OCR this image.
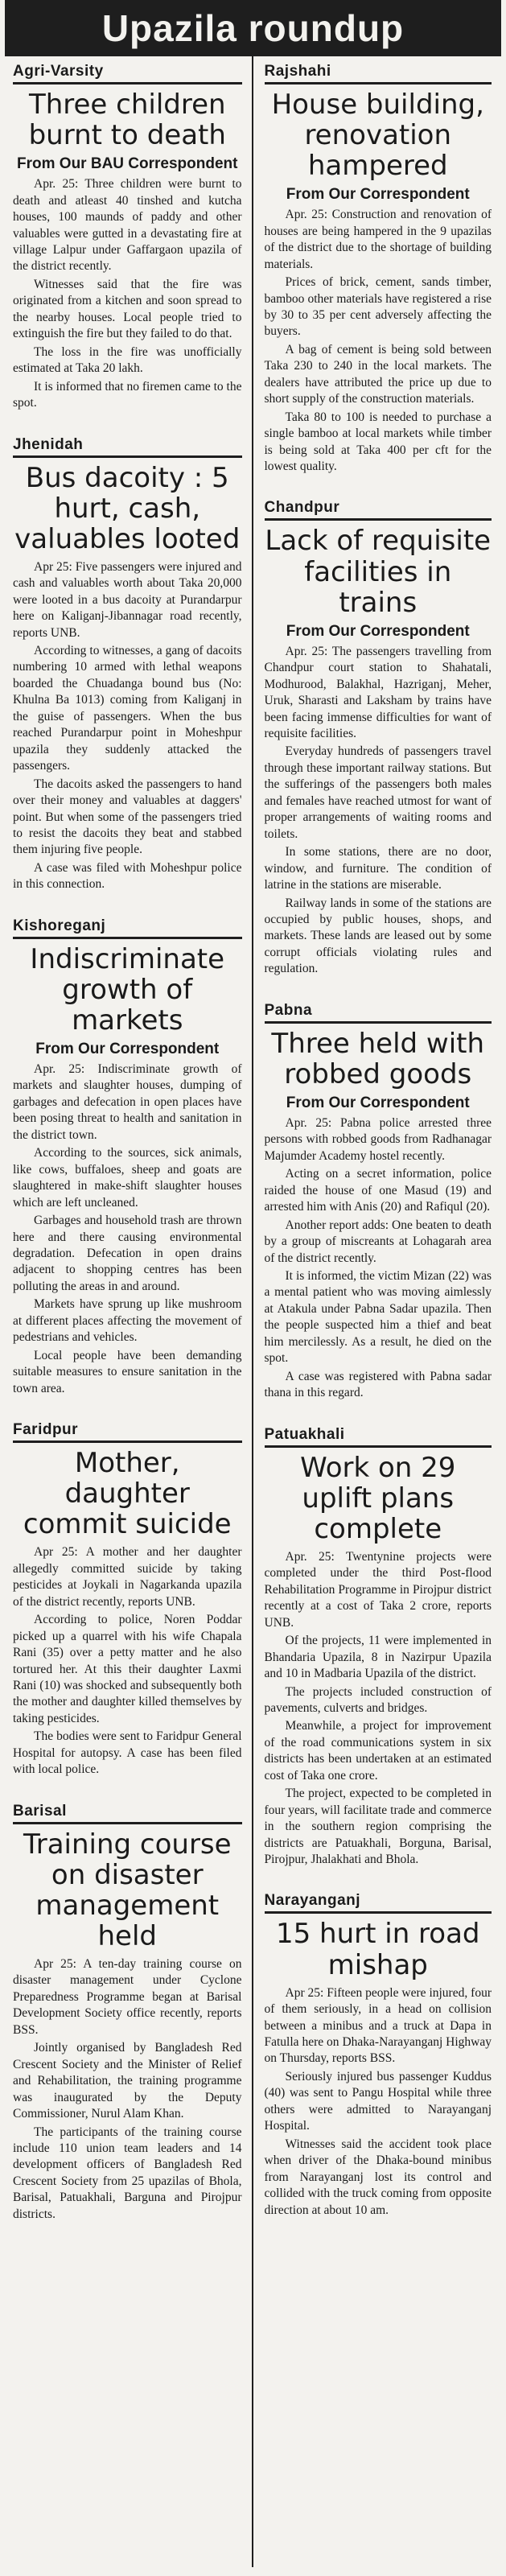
Upazila roundup
Agri-Varsity
Three children burnt to death
From Our BAU Correspondent

Apr. 25: Three children were burnt to death and atleast 40 tinshed and kutcha houses, 100 maunds of paddy and other valuables were gutted in a devastating fire at village Lalpur under Gaffargaon upazila of the district recently.

Witnesses said that the fire was originated from a kitchen and soon spread to the nearby houses. Local people tried to extinguish the fire but they failed to do that.

The loss in the fire was unofficially estimated at Taka 20 lakh.

It is informed that no firemen came to the spot.

Jhenidah
Bus dacoity : 5 hurt, cash, valuables looted

Apr 25: Five passengers were injured and cash and valuables worth about Taka 20,000 were looted in a bus dacoity at Purandarpur here on Kaliganj-Jibannagar road recently, reports UNB.

According to witnesses, a gang of dacoits numbering 10 armed with lethal weapons boarded the Chuadanga bound bus (No: Khulna Ba 1013) coming from Kaliganj in the guise of passengers. When the bus reached Purandarpur point in Moheshpur upazila they suddenly attacked the passengers.

The dacoits asked the passengers to hand over their money and valuables at daggers' point. But when some of the passengers tried to resist the dacoits they beat and stabbed them injuring five people.

A case was filed with Moheshpur police in this connection.

Kishoreganj
Indiscriminate growth of markets
From Our Correspondent

Apr. 25: Indiscriminate growth of markets and slaughter houses, dumping of garbages and defecation in open places have been posing threat to health and sanitation in the district town.

According to the sources, sick animals, like cows, buffaloes, sheep and goats are slaughtered in make-shift slaughter houses which are left uncleaned.

Garbages and household trash are thrown here and there causing environmental degradation. Defecation in open drains adjacent to shopping centres has been polluting the areas in and around.

Markets have sprung up like mushroom at different places affecting the movement of pedestrians and vehicles.

Local people have been demanding suitable measures to ensure sanitation in the town area.

Faridpur
Mother, daughter commit suicide

Apr 25: A mother and her daughter allegedly committed suicide by taking pesticides at Joykali in Nagarkanda upazila of the district recently, reports UNB.

According to police, Noren Poddar picked up a quarrel with his wife Chapala Rani (35) over a petty matter and he also tortured her. At this their daughter Laxmi Rani (10) was shocked and subsequently both the mother and daughter killed themselves by taking pesticides.

The bodies were sent to Faridpur General Hospital for autopsy. A case has been filed with local police.

Barisal
Training course on disaster management held

Apr 25: A ten-day training course on disaster management under Cyclone Preparedness Programme began at Barisal Development Society office recently, reports BSS.

Jointly organised by Bangladesh Red Crescent Society and the Minister of Relief and Rehabilitation, the training programme was inaugurated by the Deputy Commissioner, Nurul Alam Khan.

The participants of the training course include 110 union team leaders and 14 development officers of Bangladesh Red Crescent Society from 25 upazilas of Bhola, Barisal, Patuakhali, Barguna and Pirojpur districts.

Rajshahi
House building, renovation hampered
From Our Correspondent

Apr. 25: Construction and renovation of houses are being hampered in the 9 upazilas of the district due to the shortage of building materials.

Prices of brick, cement, sands timber, bamboo other materials have registered a rise by 30 to 35 per cent adversely affecting the buyers.

A bag of cement is being sold between Taka 230 to 240 in the local markets. The dealers have attributed the price up due to short supply of the construction materials.

Taka 80 to 100 is needed to purchase a single bamboo at local markets while timber is being sold at Taka 400 per cft for the lowest quality.

Chandpur
Lack of requisite facilities in trains
From Our Correspondent

Apr. 25: The passengers travelling from Chandpur court station to Shahatali, Modhurood, Balakhal, Hazriganj, Meher, Uruk, Sharasti and Laksham by trains have been facing immense difficulties for want of requisite facilities.

Everyday hundreds of passengers travel through these important railway stations. But the sufferings of the passengers both males and females have reached utmost for want of proper arrangements of waiting rooms and toilets.

In some stations, there are no door, window, and furniture. The condition of latrine in the stations are miserable.

Railway lands in some of the stations are occupied by public houses, shops, and markets. These lands are leased out by some corrupt officials violating rules and regulation.

Pabna
Three held with robbed goods
From Our Correspondent

Apr. 25: Pabna police arrested three persons with robbed goods from Radhanagar Majumder Academy hostel recently.

Acting on a secret information, police raided the house of one Masud (19) and arrested him with Anis (20) and Rafiqul (20).

Another report adds: One beaten to death by a group of miscreants at Lohagarah area of the district recently.

It is informed, the victim Mizan (22) was a mental patient who was moving aimlessly at Atakula under Pabna Sadar upazila. Then the people suspected him a thief and beat him mercilessly. As a result, he died on the spot.

A case was registered with Pabna sadar thana in this regard.

Patuakhali
Work on 29 uplift plans complete

Apr. 25: Twentynine projects were completed under the third Post-flood Rehabilitation Programme in Pirojpur district recently at a cost of Taka 2 crore, reports UNB.

Of the projects, 11 were implemented in Bhandaria Upazila, 8 in Nazirpur Upazila and 10 in Madbaria Upazila of the district.

The projects included construction of pavements, culverts and bridges.

Meanwhile, a project for improvement of the road communications system in six districts has been undertaken at an estimated cost of Taka one crore.

The project, expected to be completed in four years, will facilitate trade and commerce in the southern region comprising the districts are Patuakhali, Borguna, Barisal, Pirojpur, Jhalakhati and Bhola.

Narayanganj
15 hurt in road mishap

Apr 25: Fifteen people were injured, four of them seriously, in a head on collision between a minibus and a truck at Dapa in Fatulla here on Dhaka-Narayanganj Highway on Thursday, reports BSS.

Seriously injured bus passenger Kuddus (40) was sent to Pangu Hospital while three others were admitted to Narayanganj Hospital.

Witnesses said the accident took place when driver of the Dhaka-bound minibus from Narayanganj lost its control and collided with the truck coming from opposite direction at about 10 am.
